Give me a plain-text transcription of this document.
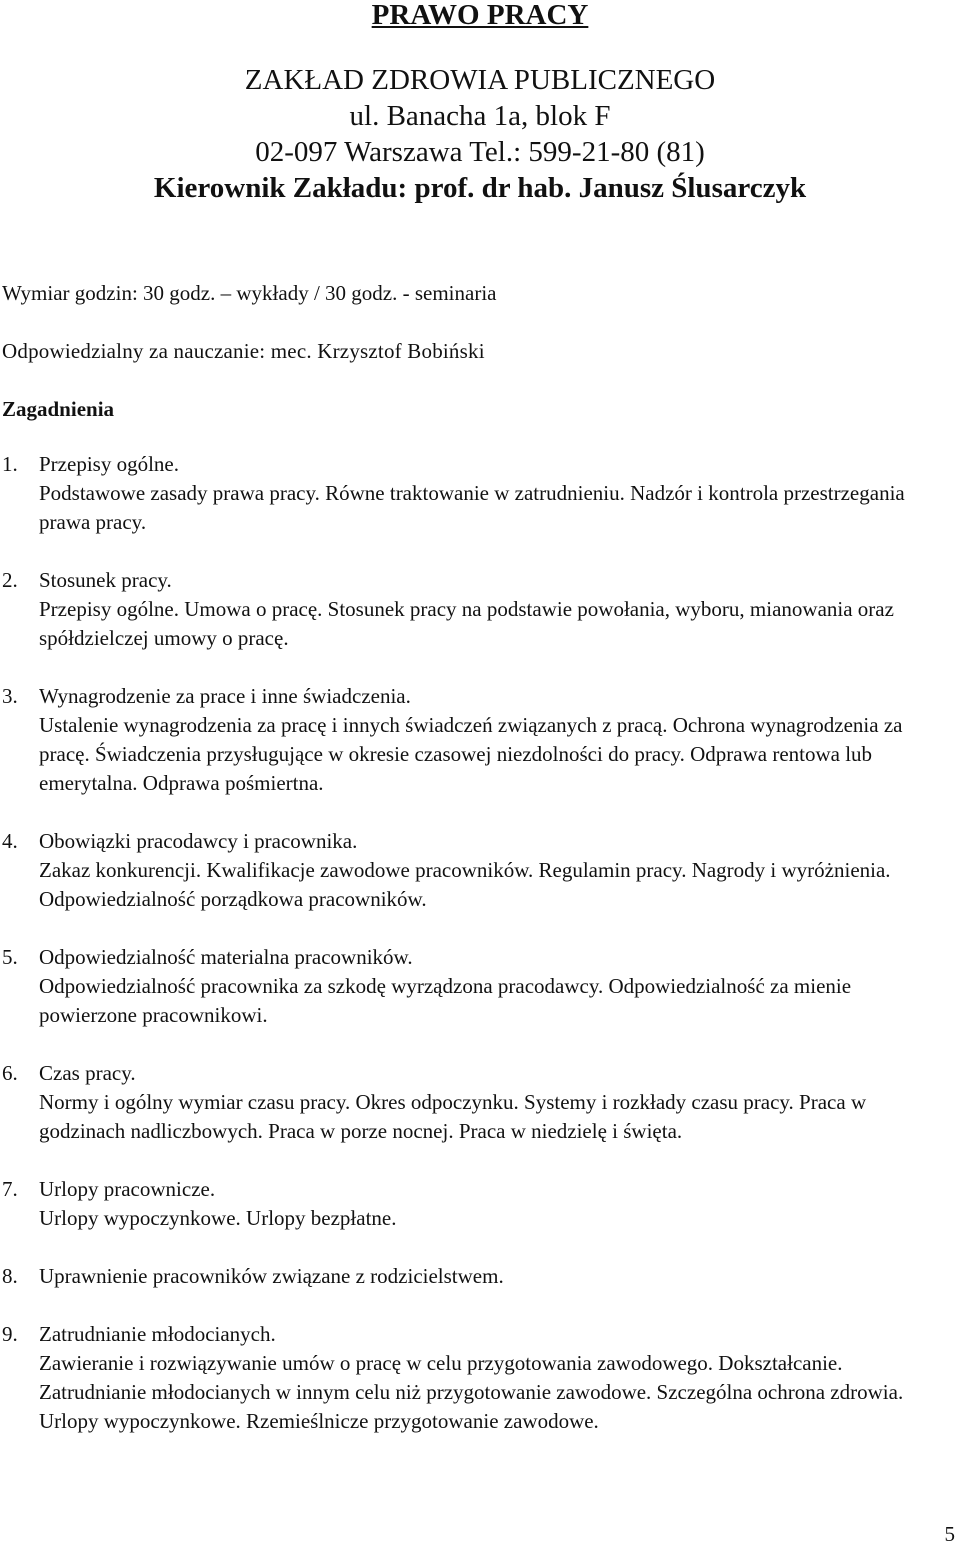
PRAWO PRACY
ZAKŁAD ZDROWIA PUBLICZNEGO
ul. Banacha 1a, blok F
02-097 Warszawa Tel.: 599-21-80 (81)
Kierownik Zakładu: prof. dr hab. Janusz Ślusarczyk
Wymiar godzin: 30 godz. – wykłady / 30 godz. - seminaria
Odpowiedzialny za nauczanie: mec. Krzysztof Bobiński
Zagadnienia
1. Przepisy ogólne.
Podstawowe zasady prawa pracy. Równe traktowanie w zatrudnieniu. Nadzór i kontrola przestrzegania prawa pracy.
2. Stosunek pracy.
Przepisy ogólne. Umowa o pracę. Stosunek pracy na podstawie powołania, wyboru, mianowania oraz spółdzielczej umowy o pracę.
3. Wynagrodzenie za prace i inne świadczenia.
Ustalenie wynagrodzenia za pracę i innych świadczeń związanych z pracą. Ochrona wynagrodzenia za pracę. Świadczenia przysługujące w okresie czasowej niezdolności do pracy. Odprawa rentowa lub emerytalna. Odprawa pośmiertna.
4. Obowiązki pracodawcy i pracownika.
Zakaz konkurencji. Kwalifikacje zawodowe pracowników. Regulamin pracy. Nagrody i wyróżnienia. Odpowiedzialność porządkowa pracowników.
5. Odpowiedzialność materialna pracowników.
Odpowiedzialność pracownika za szkodę wyrządzona pracodawcy. Odpowiedzialność za mienie powierzone pracownikowi.
6. Czas pracy.
Normy i ogólny wymiar czasu pracy. Okres odpoczynku. Systemy i rozkłady czasu pracy. Praca w godzinach nadliczbowych. Praca w porze nocnej. Praca w niedzielę i święta.
7. Urlopy pracownicze.
Urlopy wypoczynkowe. Urlopy bezpłatne.
8. Uprawnienie pracowników związane z rodzicielstwem.
9. Zatrudnianie młodocianych.
Zawieranie i rozwiązywanie umów o pracę w celu przygotowania zawodowego. Dokształcanie. Zatrudnianie młodocianych w innym celu niż przygotowanie zawodowe. Szczególna ochrona zdrowia. Urlopy wypoczynkowe. Rzemieślnicze przygotowanie zawodowe.
5
